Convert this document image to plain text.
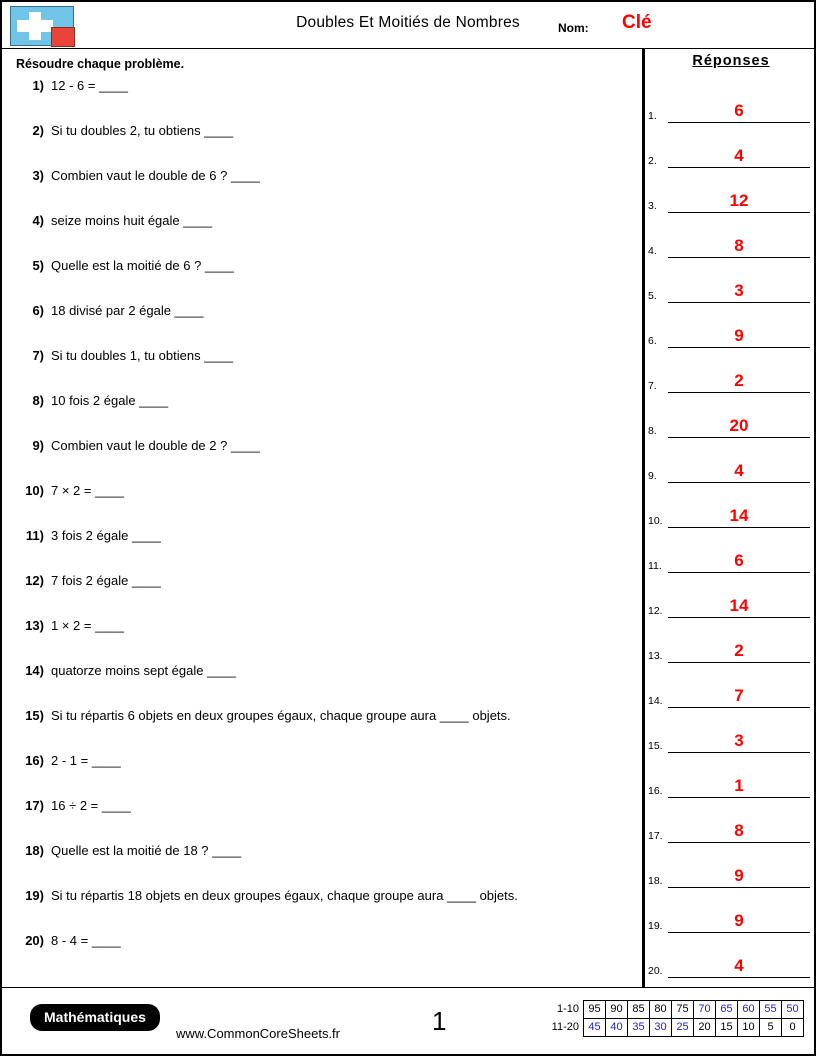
Doubles Et Moitiés de Nombres	Nom: Clé
Résoudre chaque problème.
1) 12 - 6 = ____
2) Si tu doubles 2, tu obtiens ____
3) Combien vaut le double de 6 ? ____
4) seize moins huit égale ____
5) Quelle est la moitié de 6 ? ____
6) 18 divisé par 2 égale ____
7) Si tu doubles 1, tu obtiens ____
8) 10 fois 2 égale ____
9) Combien vaut le double de 2 ? ____
10) 7 × 2 = ____
11) 3 fois 2 égale ____
12) 7 fois 2 égale ____
13) 1 × 2 = ____
14) quatorze moins sept égale ____
15) Si tu répartis 6 objets en deux groupes égaux, chaque groupe aura ____ objets.
16) 2 - 1 = ____
17) 16 ÷ 2 = ____
18) Quelle est la moitié de 18 ? ____
19) Si tu répartis 18 objets en deux groupes égaux, chaque groupe aura ____ objets.
20) 8 - 4 = ____
Réponses
1.	6
2.	4
3.	12
4.	8
5.	3
6.	9
7.	2
8.	20
9.	4
10.	14
11.	6
12.	14
13.	2
14.	7
15.	3
16.	1
17.	8
18.	9
19.	9
20.	4
Mathématiques
www.CommonCoreSheets.fr	1	1-10	95	90	85	80	75	70	65	60	55	50
11-20	45	40	35	30	25	20	15	10	5	0
